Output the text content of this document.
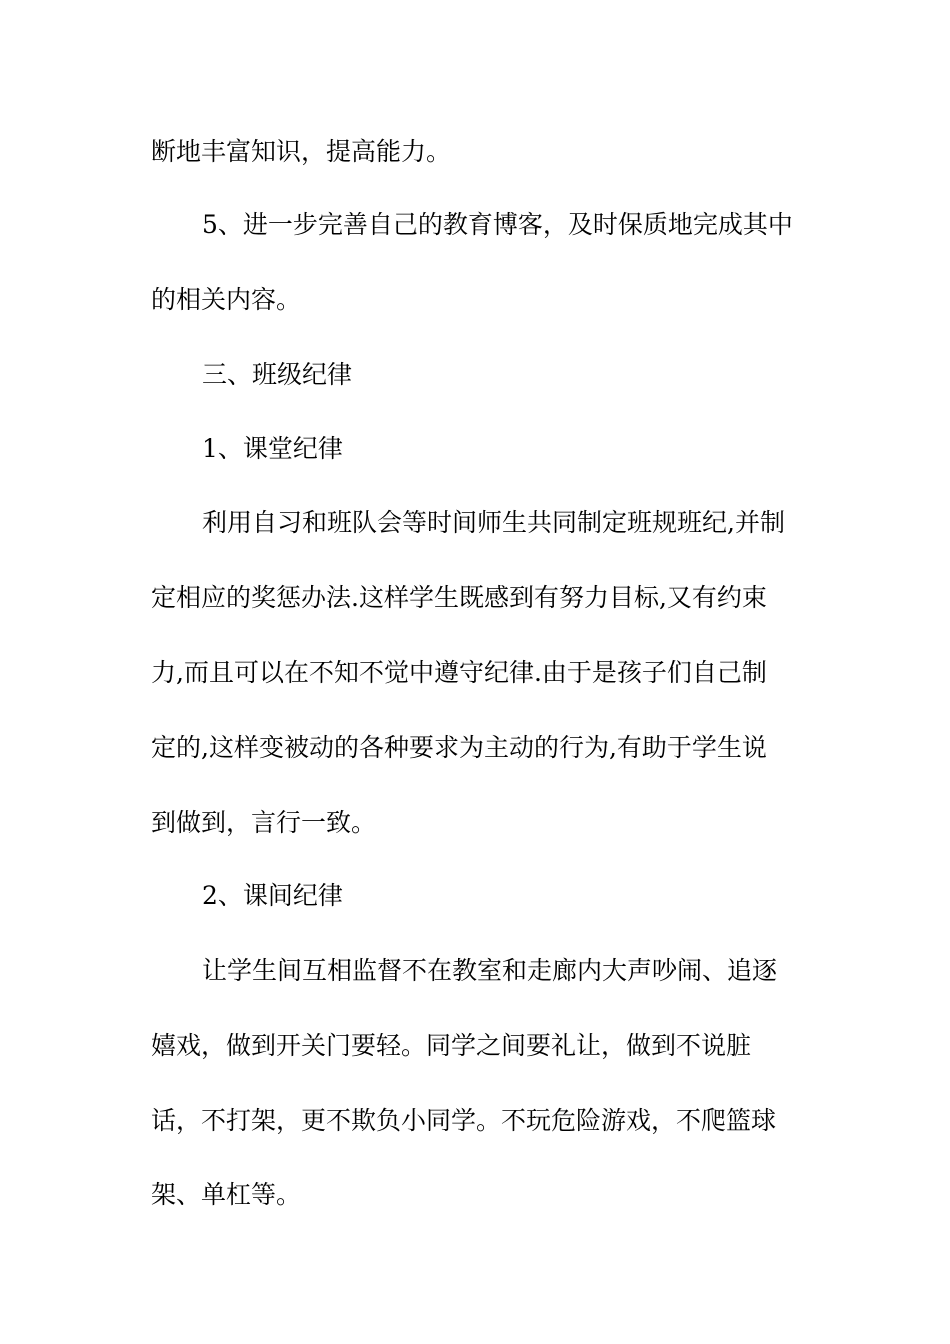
断地丰富知识，提高能力。
5、进一步完善自己的教育博客，及时保质地完成其中
的相关内容。
三、班级纪律
1、课堂纪律
利用自习和班队会等时间师生共同制定班规班纪,并制
定相应的奖惩办法.这样学生既感到有努力目标,又有约束
力,而且可以在不知不觉中遵守纪律.由于是孩子们自己制
定的,这样变被动的各种要求为主动的行为,有助于学生说
到做到，言行一致。
2、课间纪律
让学生间互相监督不在教室和走廊内大声吵闹、追逐
嬉戏，做到开关门要轻。同学之间要礼让，做到不说脏
话，不打架，更不欺负小同学。不玩危险游戏，不爬篮球
架、单杠等。
